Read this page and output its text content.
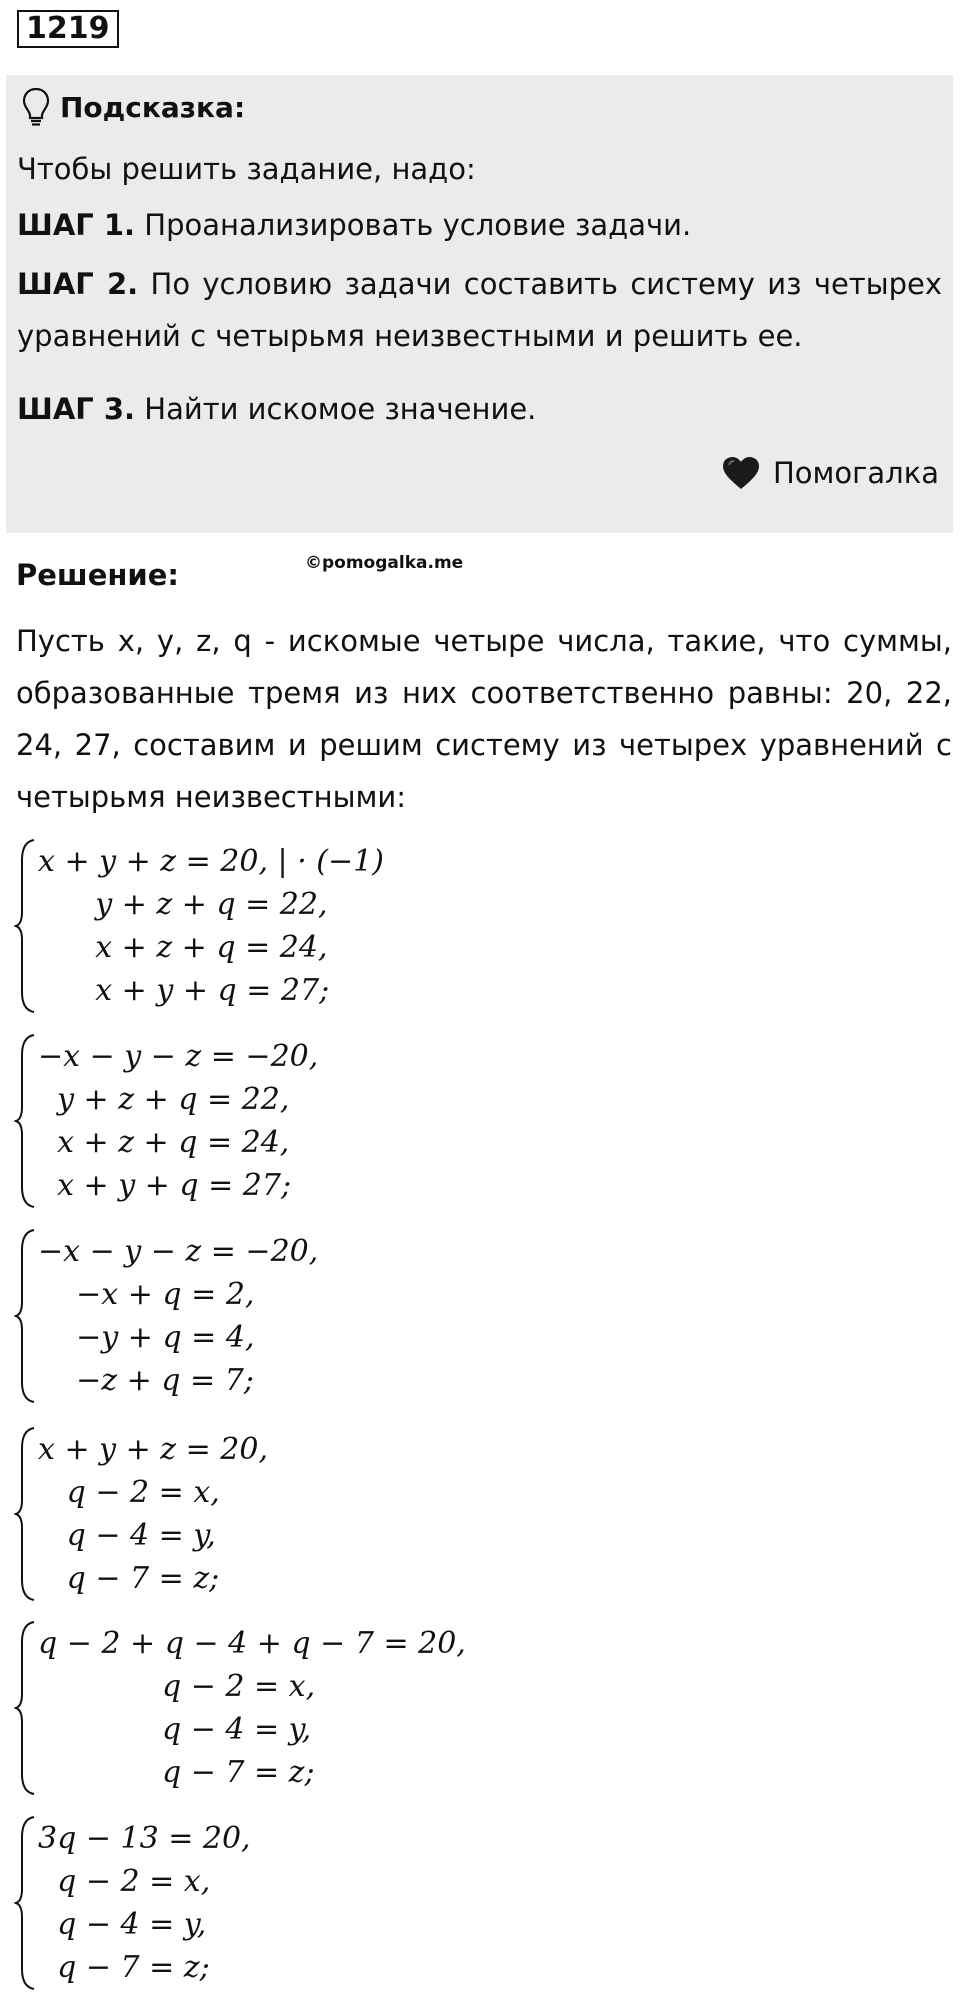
1219
Подсказка:

Чтобы решить задание, надо:

ШАГ 1. Проанализировать условие задачи.

ШАГ 2. По условию задачи составить систему из четырех уравнений с четырьмя неизвестными и решить ее.

ШАГ 3. Найти искомое значение.

Помогалка
Решение:	©pomogalka.me

Пусть x, y, z, q - искомые четыре числа, такие, что суммы, образованные тремя из них соответственно равны: 20, 22, 24, 27, составим и решим систему из четырех уравнений с четырьмя неизвестными:

x + y + z = 20, | · (−1)
y + z + q = 22,
x + z + q = 24,
x + y + q = 27;
−x − y − z = −20,
y + z + q = 22,
x + z + q = 24,
x + y + q = 27;
−x − y − z = −20,
−x + q = 2,
−y + q = 4,
−z + q = 7;
x + y + z = 20,
q − 2 = x,
q − 4 = y,
q − 7 = z;
q − 2 + q − 4 + q − 7 = 20,
q − 2 = x,
q − 4 = y,
q − 7 = z;
3q − 13 = 20,
q − 2 = x,
q − 4 = y,
q − 7 = z;
